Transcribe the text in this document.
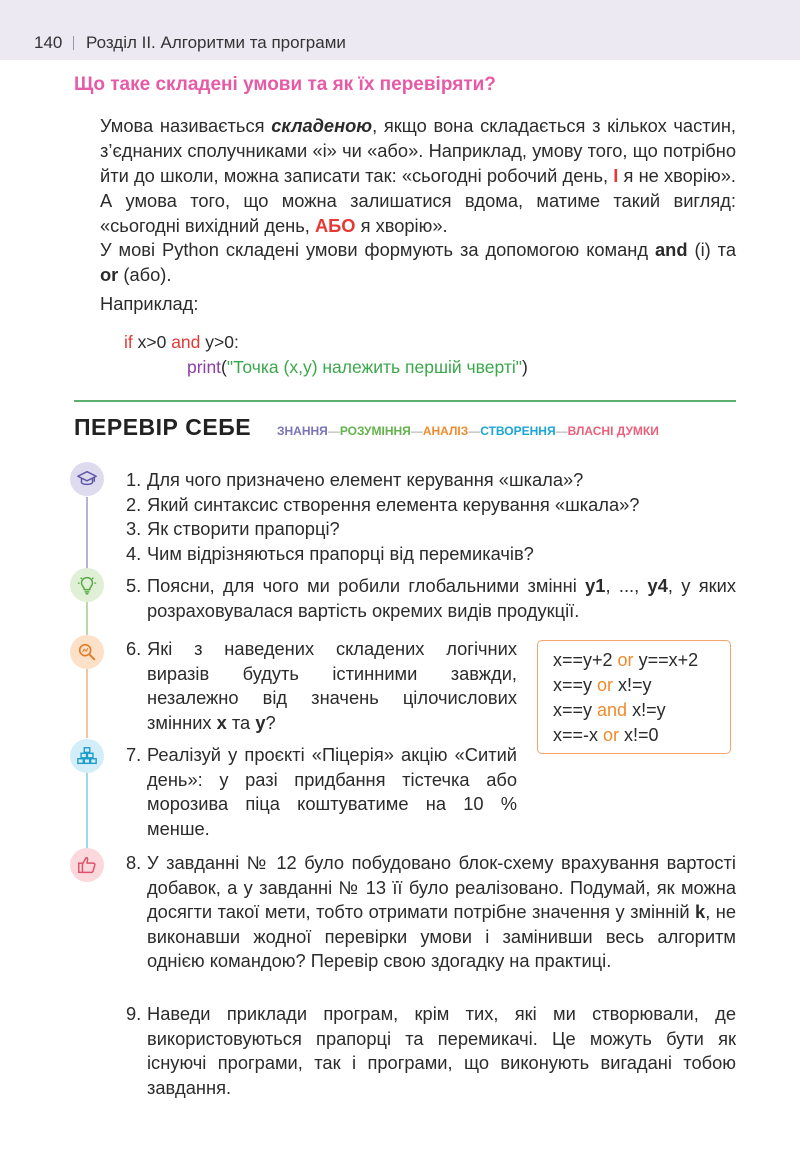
140 Розділ ІІ. Алгоритми та програми
Що таке складені умови та як їх перевіряти?
Умова називається складеною, якщо вона складається з кількох частин, з’єднаних сполучниками «і» чи «або». Наприклад, умову того, що потрібно йти до школи, можна записати так: «сьогодні робочий день, І я не хворію». А умова того, що можна залишатися вдома, матиме такий вигляд: «сьогодні вихідний день, АБО я хворію».
У мові Python складені умови формують за допомогою команд and (і) та or (або).
Наприклад:
if x>0 and y>0:
print("Точка (x,y) належить першій чверті")
ПЕРЕВІР СЕБЕ ЗНАННЯ—РОЗУМІННЯ—АНАЛІЗ—СТВОРЕННЯ—ВЛАСНІ ДУМКИ
1. Для чого призначено елемент керування «шкала»?
2. Який синтаксис створення елемента керування «шкала»?
3. Як створити прапорці?
4. Чим відрізняються прапорці від перемикачів?
5. Поясни, для чого ми робили глобальними змінні y1, ..., y4, у яких розраховувалася вартість окремих видів продукції.
6. Які з наведених складених логічних виразів будуть істинними завжди, незалежно від значень цілочислових змінних x та y?
x==y+2 or y==x+2
x==y or x!=y
x==y and x!=y
x==-x or x!=0
7. Реалізуй у проєкті «Піцерія» акцію «Ситий день»: у разі придбання тістечка або морозива піца коштуватиме на 10 % менше.
8. У завданні № 12 було побудовано блок-схему врахування вартості добавок, а у завданні № 13 її було реалізовано. Подумай, як можна досягти такої мети, тобто отримати потрібне значення у змінній k, не виконавши жодної перевірки умови і замінивши весь алгоритм однією командою? Перевір свою здогадку на практиці.
9. Наведи приклади програм, крім тих, які ми створювали, де використовуються прапорці та перемикачі. Це можуть бути як існуючі програми, так і програми, що виконують вигадані тобою завдання.
